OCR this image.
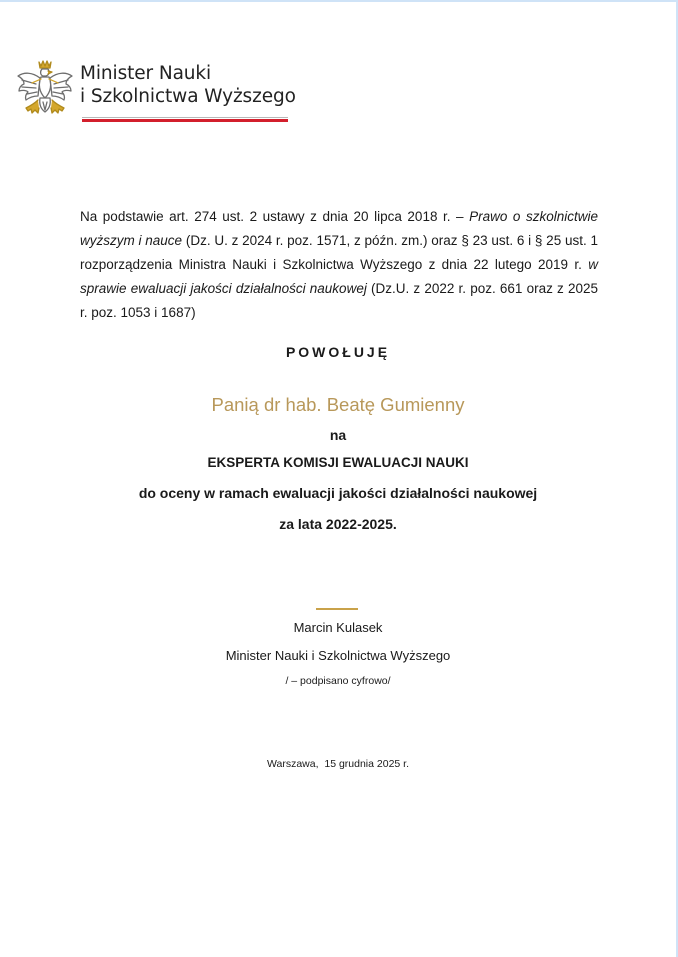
Minister Nauki
i Szkolnictwa Wyższego
Na podstawie art. 274 ust. 2 ustawy z dnia 20 lipca 2018 r. – Prawo o szkolnictwie wyższym i nauce (Dz. U. z 2024 r. poz. 1571, z późn. zm.) oraz § 23 ust. 6 i § 25 ust. 1 rozporządzenia Ministra Nauki i Szkolnictwa Wyższego z dnia 22 lutego 2019 r. w sprawie ewaluacji jakości działalności naukowej (Dz.U. z 2022 r. poz. 661 oraz z 2025 r. poz. 1053 i 1687)
POWOŁUJĘ
Panią dr hab. Beatę Gumienny
na
EKSPERTA KOMISJI EWALUACJI NAUKI
do oceny w ramach ewaluacji jakości działalności naukowej
za lata 2022-2025.
Marcin Kulasek
Minister Nauki i Szkolnictwa Wyższego
/ – podpisano cyfrowo/
Warszawa,  15 grudnia 2025 r.
